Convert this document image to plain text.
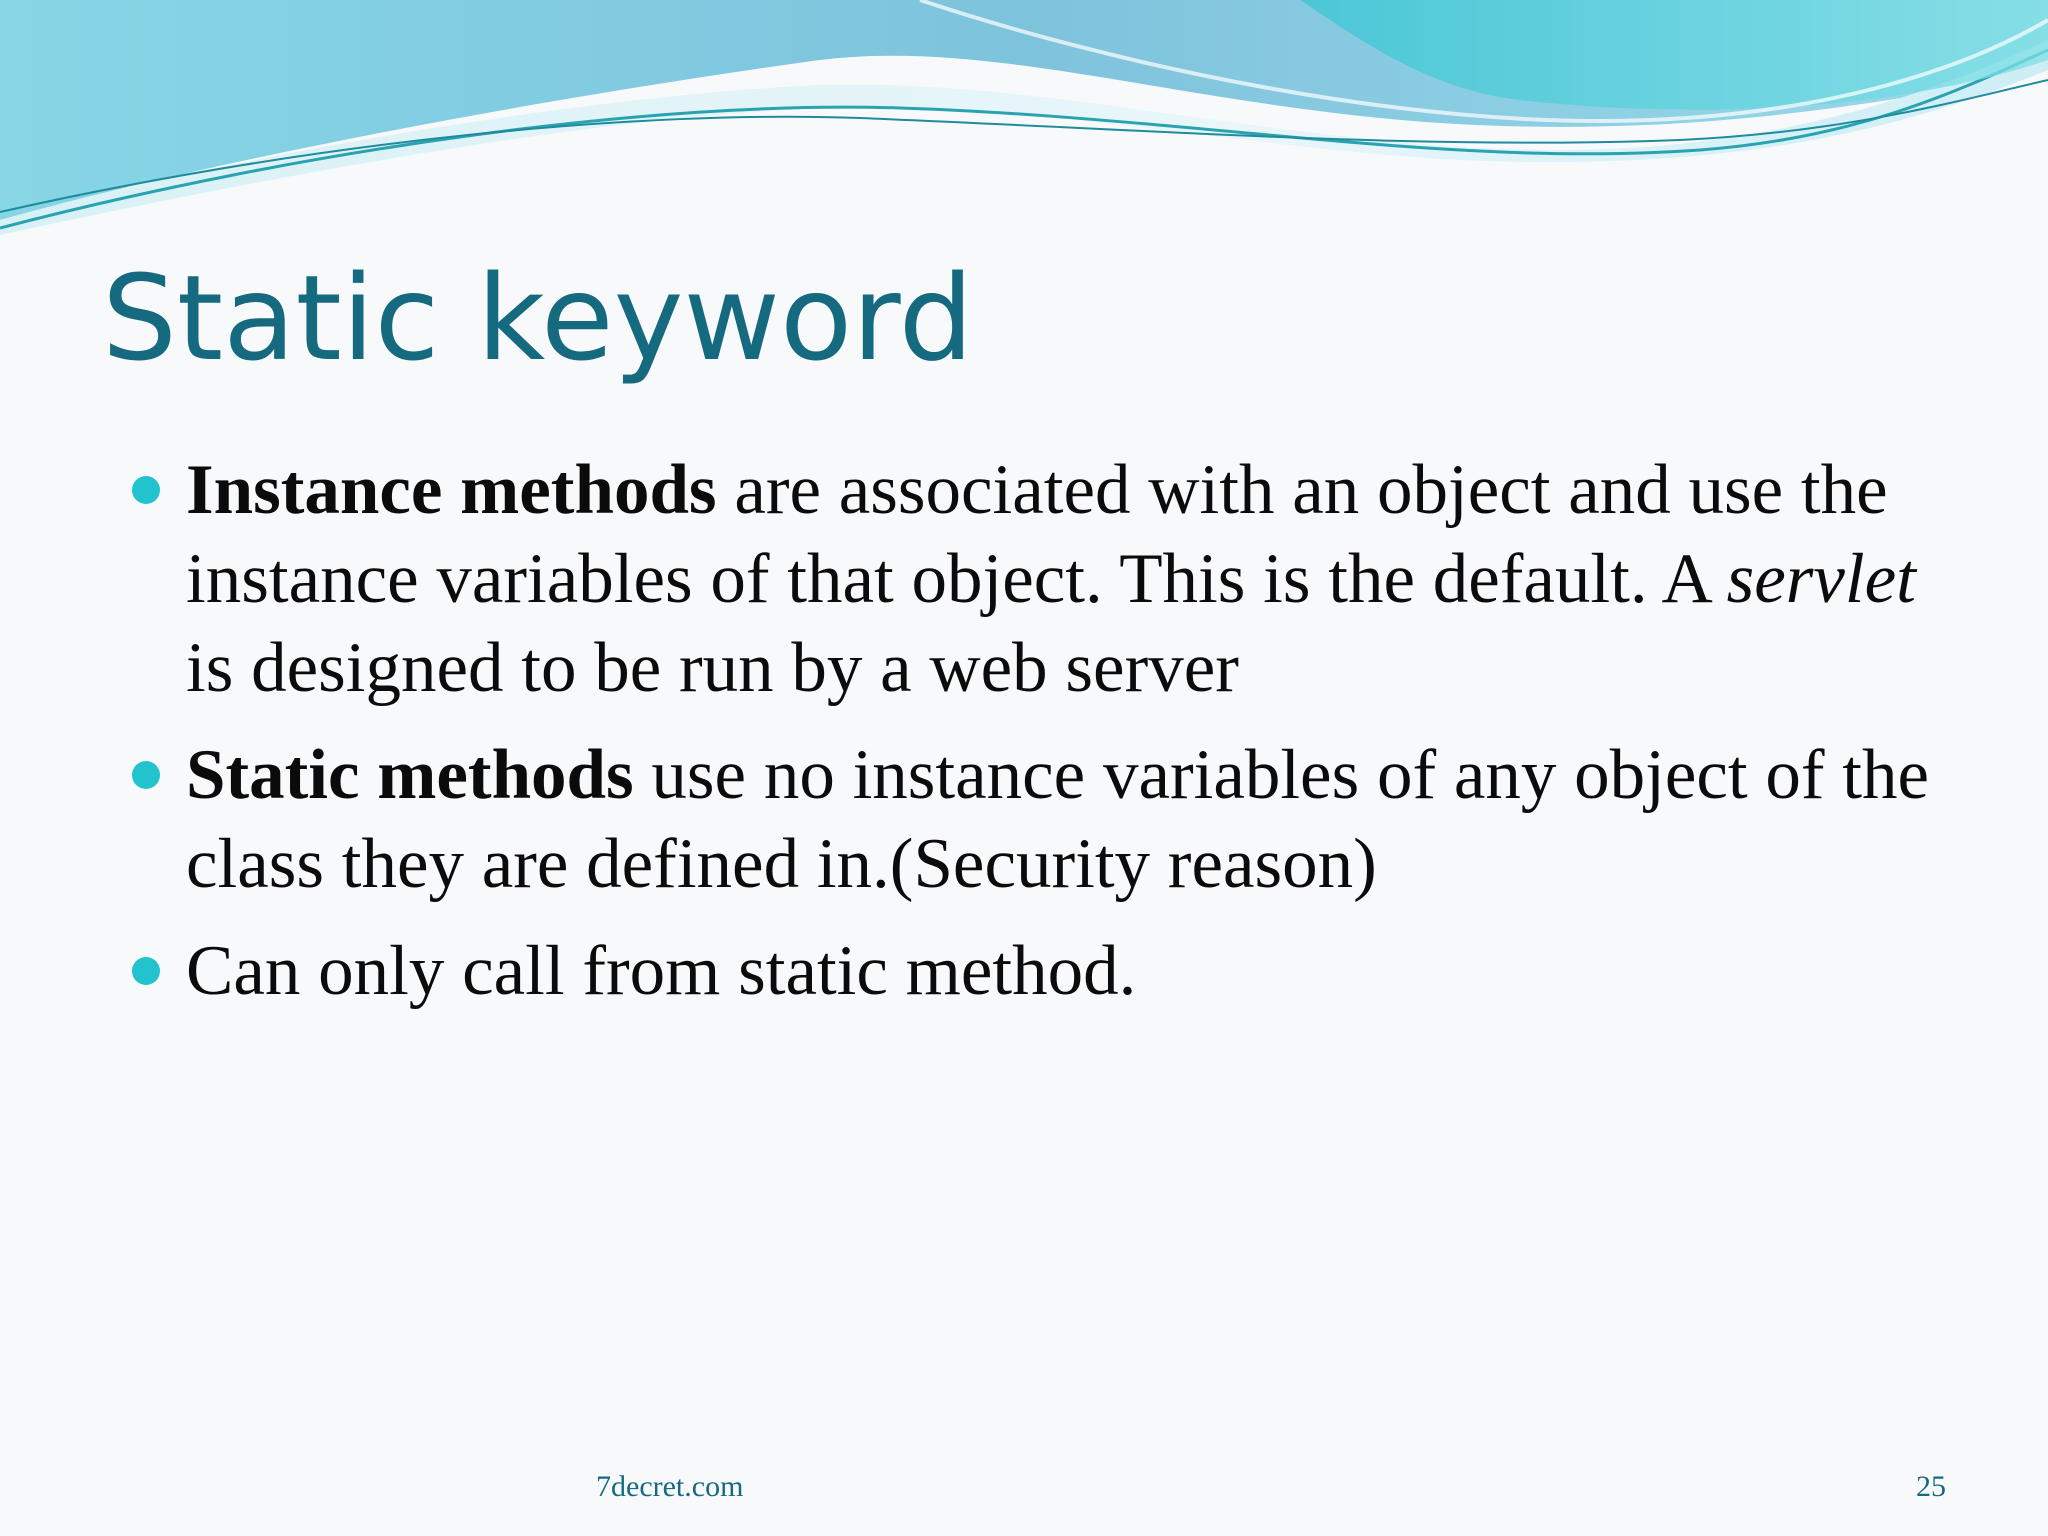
Static keyword
Instance methods are associated with an object and use the instance variables of that object. This is the default. A servlet is designed to be run by a web server
Static methods use no instance variables of any object of the class they are defined in.(Security reason)
Can only call from static method.
7decret.com	25
